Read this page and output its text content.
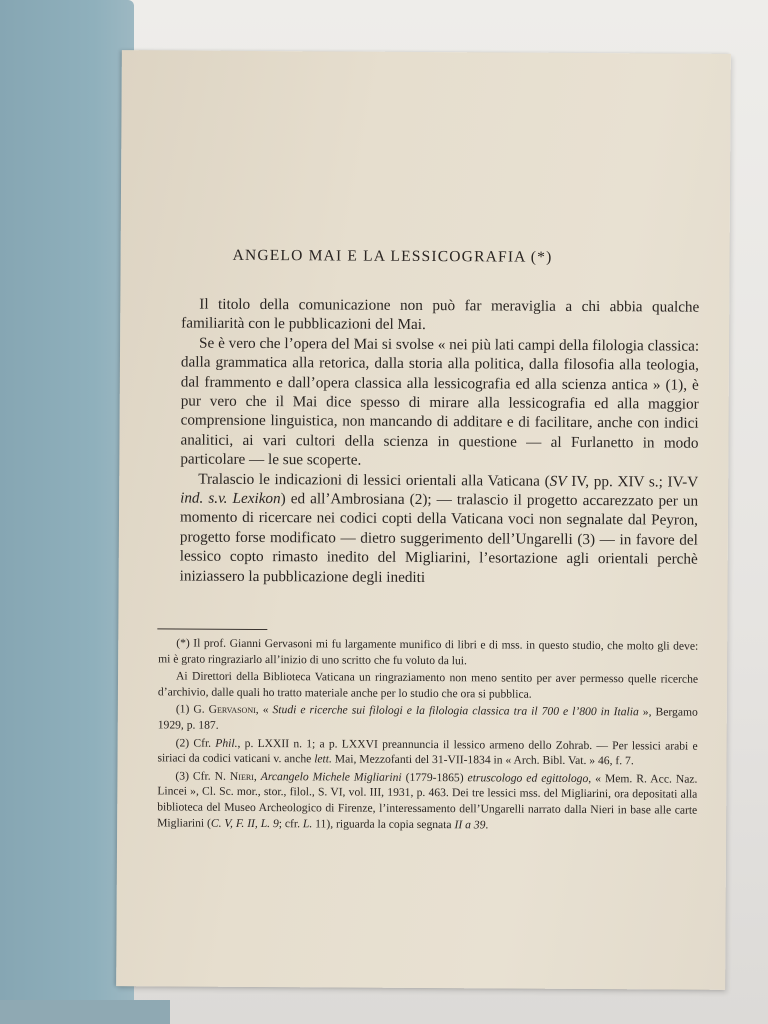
ANGELO MAI E LA LESSICOGRAFIA (*)

Il titolo della comunicazione non può far meraviglia a chi abbia qualche familiarità con le pubblicazioni del Mai.

Se è vero che l’opera del Mai si svolse « nei più lati campi della filologia classica: dalla grammatica alla retorica, dalla storia alla politica, dalla filosofia alla teologia, dal frammento e dall’opera classica alla lessicografia ed alla scienza antica » (1), è pur vero che il Mai dice spesso di mirare alla lessicografia ed alla maggior comprensione linguistica, non mancando di additare e di facilitare, anche con indici analitici, ai vari cultori della scienza in questione — al Furlanetto in modo particolare — le sue scoperte.

Tralascio le indicazioni di lessici orientali alla Vaticana (SV IV, pp. XIV s.; IV-V ind. s.v. Lexikon) ed all’Ambrosiana (2); — tralascio il progetto accarezzato per un momento di ricercare nei codici copti della Vaticana voci non segnalate dal Peyron, progetto forse modificato — dietro suggerimento dell’Ungarelli (3) — in favore del lessico copto rimasto inedito del Migliarini, l’esortazione agli orientali perchè iniziassero la pubblicazione degli inediti

(*) Il prof. Gianni Gervasoni mi fu largamente munifico di libri e di mss. in questo studio, che molto gli deve: mi è grato ringraziarlo all’inizio di uno scritto che fu voluto da lui.

Ai Direttori della Biblioteca Vaticana un ringraziamento non meno sentito per aver permesso quelle ricerche d’archivio, dalle quali ho tratto materiale anche per lo studio che ora si pubblica.

(1) G. Gervasoni, « Studi e ricerche sui filologi e la filologia classica tra il 700 e l’800 in Italia », Bergamo 1929, p. 187.

(2) Cfr. Phil., p. LXXII n. 1; a p. LXXVI preannuncia il lessico armeno dello Zohrab. — Per lessici arabi e siriaci da codici vaticani v. anche lett. Mai, Mezzofanti del 31-VII-1834 in « Arch. Bibl. Vat. » 46, f. 7.

(3) Cfr. N. Nieri, Arcangelo Michele Migliarini (1779-1865) etruscologo ed egittologo, « Mem. R. Acc. Naz. Lincei », Cl. Sc. mor., stor., filol., S. VI, vol. III, 1931, p. 463. Dei tre lessici mss. del Migliarini, ora depositati alla biblioteca del Museo Archeologico di Firenze, l’interessamento dell’Ungarelli narrato dalla Nieri in base alle carte Migliarini (C. V, F. II, L. 9; cfr. L. 11), riguarda la copia segnata II a 39.
